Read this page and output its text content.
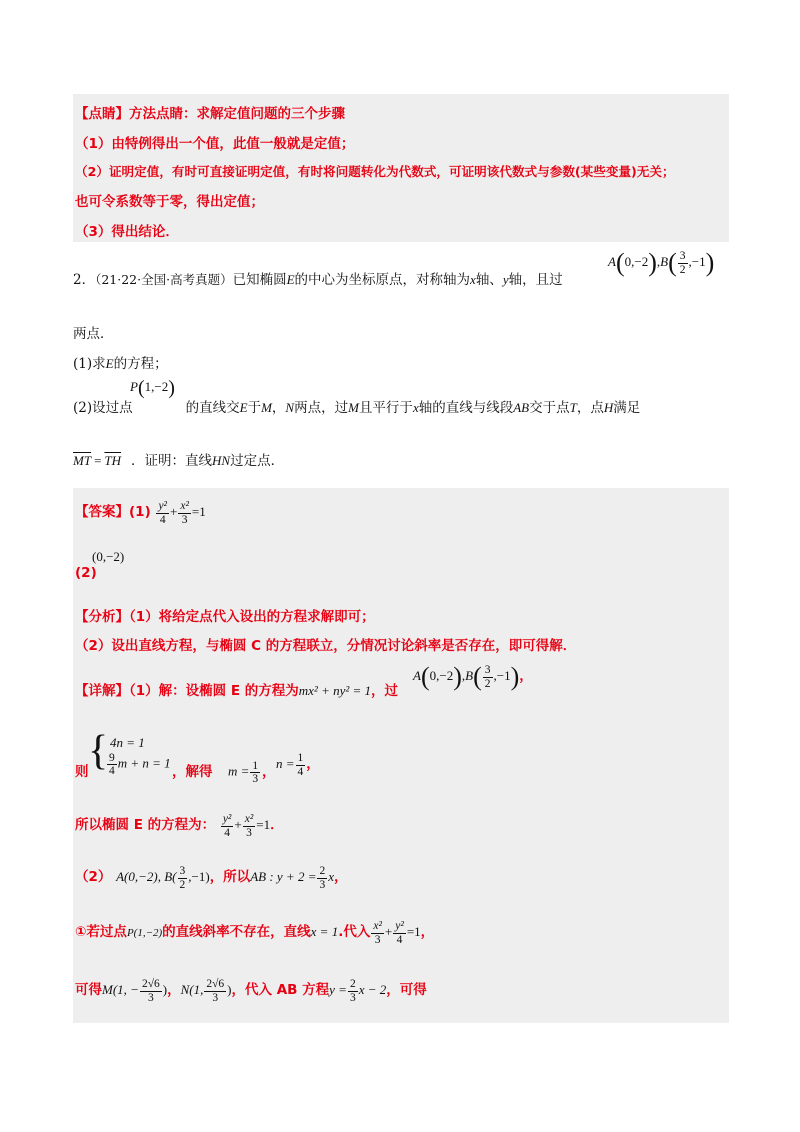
【点睛】方法点睛：求解定值问题的三个步骤
（1）由特例得出一个值，此值一般就是定值；
（2）证明定值，有时可直接证明定值，有时将问题转化为代数式，可证明该代数式与参数(某些变量)无关；
也可令系数等于零，得出定值；
（3）得出结论．
2．（21·22·全国·高考真题）已知椭圆E的中心为坐标原点，对称轴为x轴、y轴，且过
$A(0,-2),B( \frac{3}{2} ,-1)$
两点．
(1)求E的方程；
P(1,−2)
(2)设过点	的直线交E于M，N两点，过M且平行于x轴的直线与线段AB交于点T，点H满足
$\overline{MT} = \overline{TH}$ ．证明：直线HN过定点．
【答案】$(1) \frac{\text{y²}}{4} + \frac{\text{x²}}{3} =1$
(0,−2)
(2)
【分析】（1）将给定点代入设出的方程求解即可；
（2）设出直线方程，与椭圆 C 的方程联立，分情况讨论斜率是否存在，即可得解．
【详解】（1）解：设椭圆 E 的方程为mx² + ny² = 1，过
$A(0,-2),B( \frac{3}{2} ,-1)$，
则 { 4n = 1
$\frac{9}{4}$ m + n = 1
，解得 $m = \frac{1}{3}$ ，
$n = \frac{1}{4}$ ，
所以椭圆 E 的方程为： $\frac{\text{y²}}{4} + \frac{\text{x²}}{3} =1$．
（2） A(0,−2), $B( \frac{3}{2} ,-1)$，所以AB : $y + 2 = \frac{2}{3}$ x，
①若过点P(1,−2)的直线斜率不存在，直线x = 1.代入 $\frac{\text{x²}}{3} + \frac{\text{y²}}{4} =1$，
可得M(1, − $\frac{2√6}{3}$ )，N(1, $\frac{2√6}{3}$ )，代入 AB 方程$y = \frac{2}{3}$ x − 2，可得
